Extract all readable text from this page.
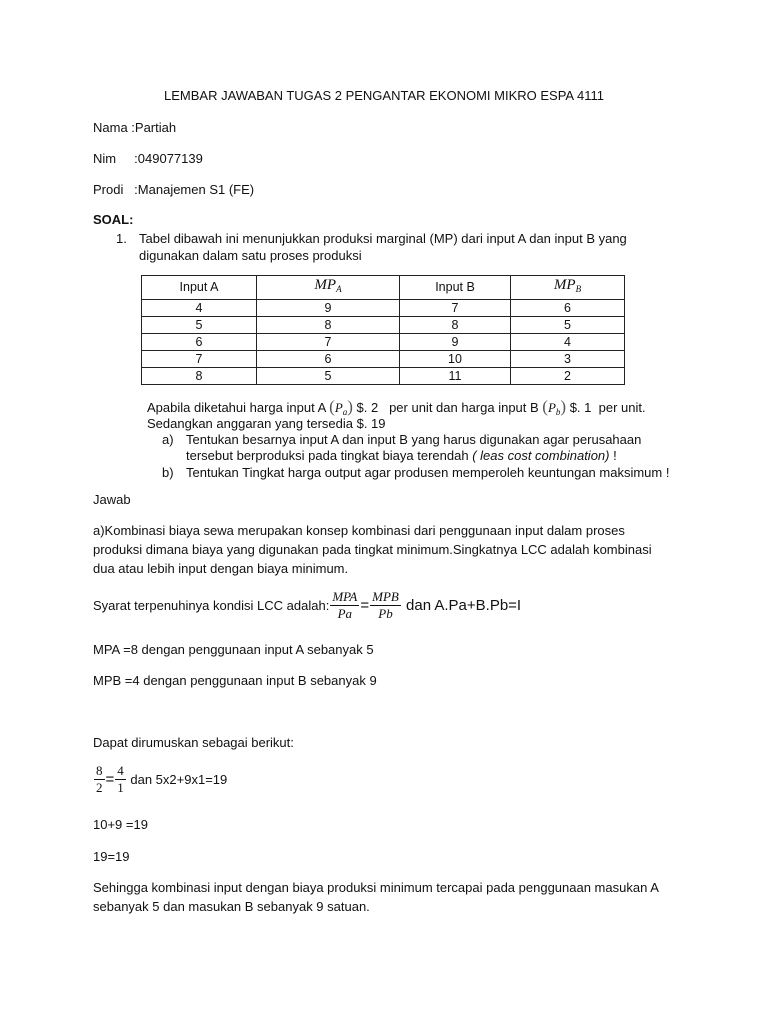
LEMBAR JAWABAN TUGAS 2 PENGANTAR EKONOMI MIKRO ESPA 4111
Nama :Partiah
Nim     :049077139
Prodi   :Manajemen S1 (FE)
SOAL:
1. Tabel dibawah ini menunjukkan produksi marginal (MP) dari input A dan input B yang
digunakan dalam satu proses produksi
Input A	$MP_A$	Input B	$MP_B$
4	9	7	6
5	8	8	5
6	7	9	4
7	6	10	3
8	5	11	2
Apabila diketahui harga input A $(P_a)$ $. 2   per unit dan harga input B $(P_b)$ $. 1  per unit.
Sedangkan anggaran yang tersedia $. 19
a) Tentukan besarnya input A dan input B yang harus digunakan agar perusahaan
tersebut berproduksi pada tingkat biaya terendah ( leas cost combination) !
b) Tentukan Tingkat harga output agar produsen memperoleh keuntungan maksimum !
Jawab
a)Kombinasi biaya sewa merupakan konsep kombinasi dari penggunaan input dalam proses
produksi dimana biaya yang digunakan pada tingkat minimum.Singkatnya LCC adalah kombinasi
dua atau lebih input dengan biaya minimum.
Syarat terpenuhinya kondisi LCC adalah: $\frac{\text{MPA}}{Pa} = \frac{\text{MPB}}{Pb}$ dan A.Pa+B.Pb=I
MPA =8 dengan penggunaan input A sebanyak 5
MPB =4 dengan penggunaan input B sebanyak 9
Dapat dirumuskan sebagai berikut:
$\frac{8}{2} = \frac{4}{1}$ dan 5x2+9x1=19
10+9 =19
19=19
Sehingga kombinasi input dengan biaya produksi minimum tercapai pada penggunaan masukan A
sebanyak 5 dan masukan B sebanyak 9 satuan.
